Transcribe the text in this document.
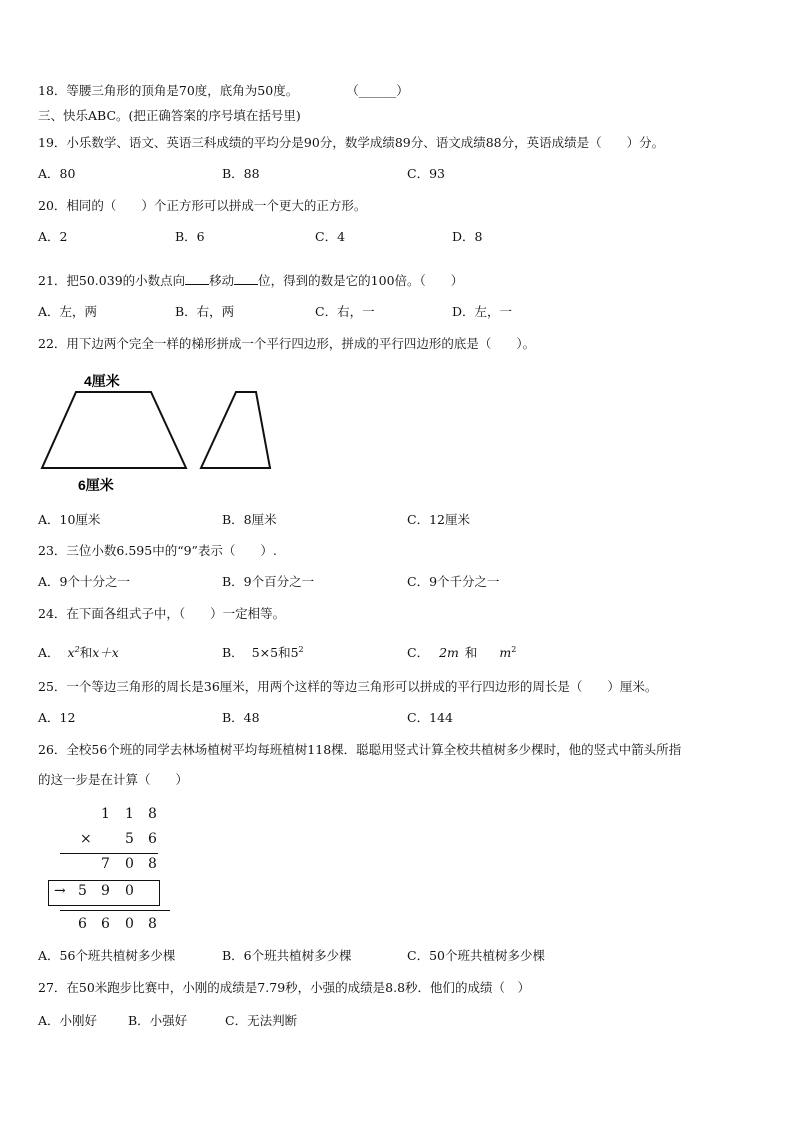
18．等腰三角形的顶角是70度，底角为50度。	（______）
三、快乐ABC。(把正确答案的序号填在括号里)
19．小乐数学、语文、英语三科成绩的平均分是90分，数学成绩89分、语文成绩88分，英语成绩是（　　）分。
A．80	B．88	C．93
20．相同的（　　）个正方形可以拼成一个更大的正方形。
A．2	B．6	C．4	D．8
21．把50.039的小数点向 移动 位，得到的数是它的100倍。（　　）
A．左，两	B．右，两	C．右，一	D．左，一
22．用下边两个完全一样的梯形拼成一个平行四边形，拼成的平行四边形的底是（　　）。
4厘米
6厘米
A．10厘米	B．8厘米	C．12厘米
23．三位小数6.595中的“9”表示（　　）.
A．9个十分之一	B．9个百分之一	C．9个千分之一
24．在下面各组式子中，（　　）一定相等。
A． $x^2$和x＋x	B． 5×5和$5^2$	C． 2m 和 $m^2$
25．一个等边三角形的周长是36厘米，用两个这样的等边三角形可以拼成的平行四边形的周长是（　　）厘米。
A．12	B．48	C．144
26．全校56个班的同学去林场植树平均每班植树118棵．聪聪用竖式计算全校共植树多少棵时，他的竖式中箭头所指
的这一步是在计算（　　）
1 1 8
× 5 6
7 0 8
→ 5 9 0
6 6 0 8
A．56个班共植树多少棵	B．6个班共植树多少棵	C．50个班共植树多少棵
27．在50米跑步比赛中，小刚的成绩是7.79秒，小强的成绩是8.8秒．他们的成绩（　）
A．小刚好 B．小强好	C．无法判断
